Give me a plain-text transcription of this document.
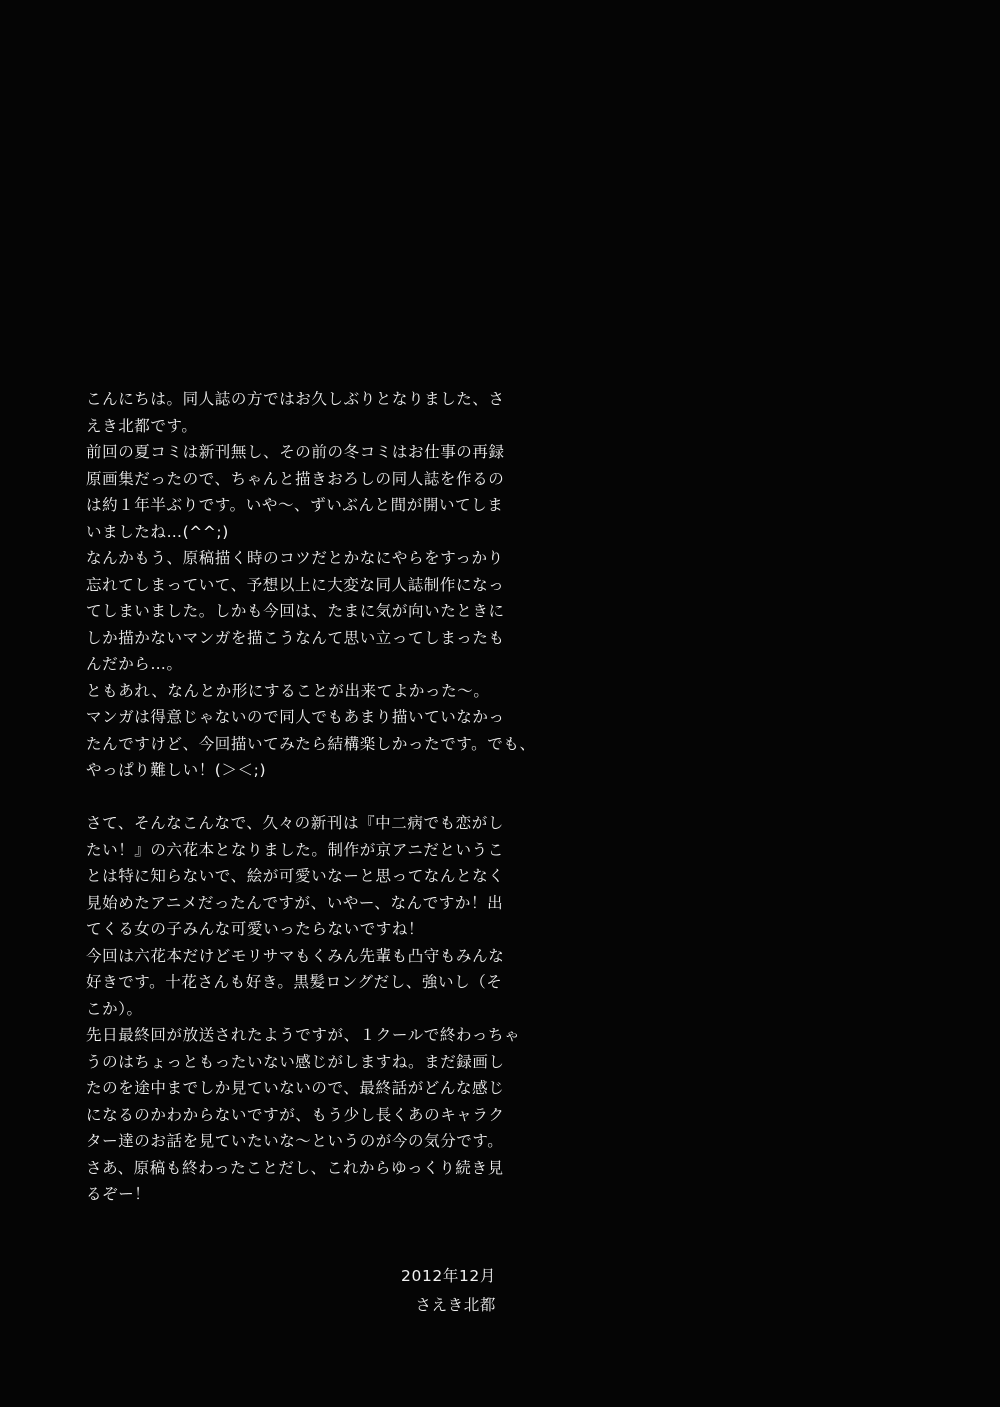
こんにちは。同人誌の方ではお久しぶりとなりました、さ
えき北都です。
前回の夏コミは新刊無し、その前の冬コミはお仕事の再録
原画集だったので、ちゃんと描きおろしの同人誌を作るの
は約１年半ぶりです。いや～、ずいぶんと間が開いてしま
いましたね…(^^;)
なんかもう、原稿描く時のコツだとかなにやらをすっかり
忘れてしまっていて、予想以上に大変な同人誌制作になっ
てしまいました。しかも今回は、たまに気が向いたときに
しか描かないマンガを描こうなんて思い立ってしまったも
んだから…。
ともあれ、なんとか形にすることが出来てよかった～。
マンガは得意じゃないので同人でもあまり描いていなかっ
たんですけど、今回描いてみたら結構楽しかったです。でも、
やっぱり難しい！(＞＜;)
さて、そんなこんなで、久々の新刊は『中二病でも恋がし
たい！』の六花本となりました。制作が京アニだというこ
とは特に知らないで、絵が可愛いなーと思ってなんとなく
見始めたアニメだったんですが、いやー、なんですか！出
てくる女の子みんな可愛いったらないですね！
今回は六花本だけどモリサマもくみん先輩も凸守もみんな
好きです。十花さんも好き。黒髪ロングだし、強いし（そ
こか）。
先日最終回が放送されたようですが、１クールで終わっちゃ
うのはちょっともったいない感じがしますね。まだ録画し
たのを途中までしか見ていないので、最終話がどんな感じ
になるのかわからないですが、もう少し長くあのキャラク
ター達のお話を見ていたいな～というのが今の気分です。
さあ、原稿も終わったことだし、これからゆっくり続き見
るぞー！
2012年12月
さえき北都
